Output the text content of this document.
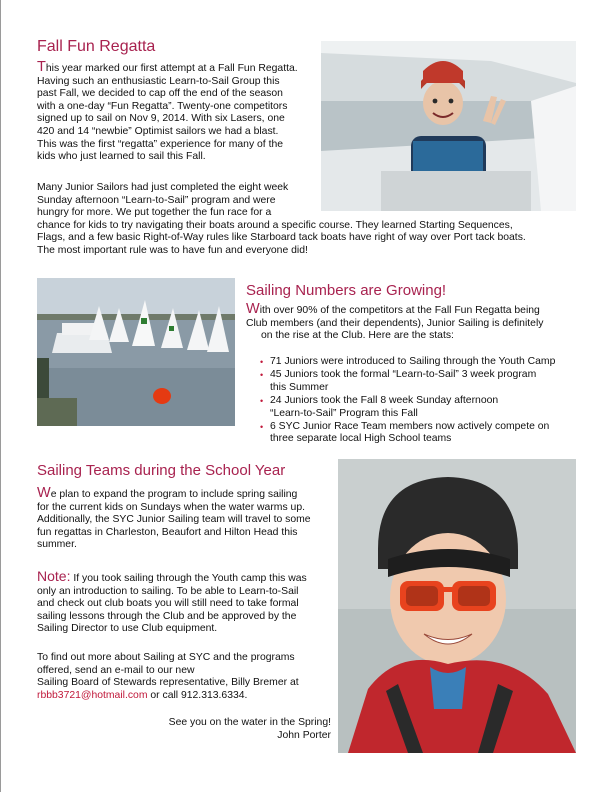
Fall Fun Regatta
This year marked our first attempt at a Fall Fun Regatta.
Having such an enthusiastic Learn-to-Sail Group this
past Fall, we decided to cap off the end of the season
with a one-day “Fun Regatta”. Twenty-one competitors
signed up to sail on Nov 9, 2014. With six Lasers, one
420 and 14 “newbie” Optimist sailors we had a blast.
This was the first “regatta” experience for many of the
kids who just learned to sail this Fall.
Many Junior Sailors had just completed the eight week
Sunday afternoon “Learn-to-Sail” program and were
hungry for more. We put together the fun race for a
chance for kids to try navigating their boats around a specific course. They learned Starting Sequences,
Flags, and a few basic Right-of-Way rules like Starboard tack boats have right of way over Port tack boats.
The most important rule was to have fun and everyone did!
Sailing Numbers are Growing!
With over 90% of the competitors at the Fall Fun Regatta being
Club members (and their dependents), Junior Sailing is definitely
on the rise at the Club. Here are the stats:
• 71 Juniors were introduced to Sailing through the Youth Camp
• 45 Juniors took the formal “Learn-to-Sail” 3 week program
this Summer
• 24 Juniors took the Fall 8 week Sunday afternoon
“Learn-to-Sail” Program this Fall
• 6 SYC Junior Race Team members now actively compete on
three separate local High School teams
Sailing Teams during the School Year
We plan to expand the program to include spring sailing
for the current kids on Sundays when the water warms up.
Additionally, the SYC Junior Sailing team will travel to some
fun regattas in Charleston, Beaufort and Hilton Head this
summer.
Note: If you took sailing through the Youth camp this was
only an introduction to sailing. To be able to Learn-to-Sail
and check out club boats you will still need to take formal
sailing lessons through the Club and be approved by the
Sailing Director to use Club equipment.
To find out more about Sailing at SYC and the programs
offered, send an e-mail to our new
Sailing Board of Stewards representative, Billy Bremer at
rbbb3721@hotmail.com or call 912.313.6334.
See you on the water in the Spring!
John Porter
